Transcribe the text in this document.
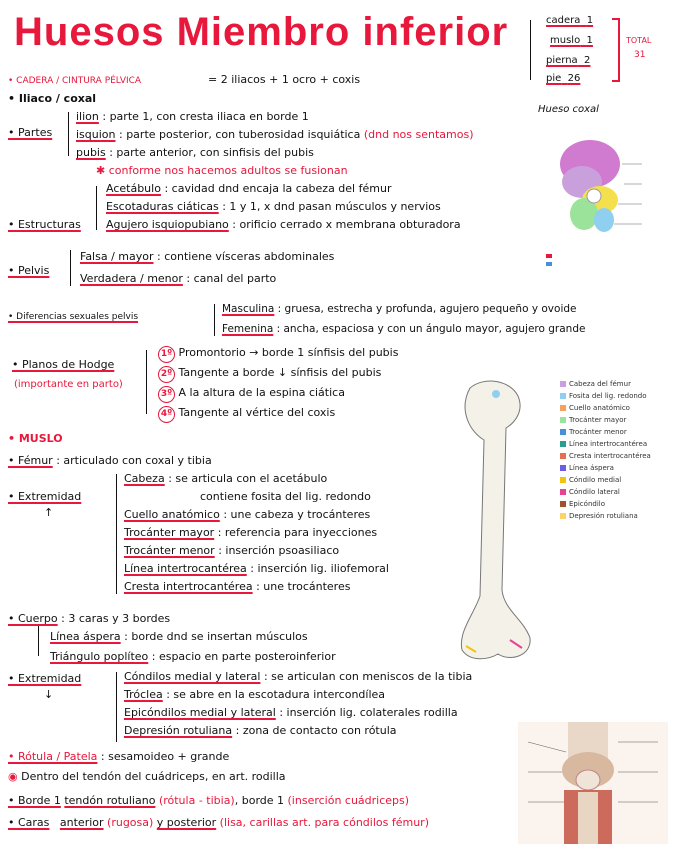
Huesos Miembro inferior	cadera 1
muslo 1
pierna 2
pie 26
TOTAL
31
• CADERA / CINTURA PÉLVICA	= 2 iliacos + 1 ocro + coxis
• Iliaco / coxal
• Partes
ilion : parte 1, con cresta iliaca en borde 1
isquion : parte posterior, con tuberosidad isquiática (dnd nos sentamos)
pubis : parte anterior, con sinfisis del pubis
✱ conforme nos hacemos adultos se fusionan
• Estructuras
Acetábulo : cavidad dnd encaja la cabeza del fémur
Escotaduras ciáticas : 1 y 1, x dnd pasan músculos y nervios
Agujero isquiopubiano : orificio cerrado x membrana obturadora
• Pelvis
Falsa / mayor : contiene vísceras abdominales
Verdadera / menor : canal del parto
• Diferencias sexuales pelvis
Masculina : gruesa, estrecha y profunda, agujero pequeño y ovoide
Femenina : ancha, espaciosa y con un ángulo mayor, agujero grande
• Planos de Hodge
(importante en parto)
1º Promontorio → borde 1 sínfisis del pubis
2º Tangente a borde ↓ sínfisis del pubis
3º A la altura de la espina ciática
4º Tangente al vértice del coxis
• MUSLO
• Fémur : articulado con coxal y tibia
• Extremidad
↑
Cabeza : se articula con el acetábulo
contiene fosita del lig. redondo
Cuello anatómico : une cabeza y trocánteres
Trocánter mayor : referencia para inyecciones
Trocánter menor : inserción psoasiliaco
Línea intertrocantérea : inserción lig. iliofemoral
Cresta intertrocantérea : une trocánteres
• Cuerpo : 3 caras y 3 bordes
Línea áspera : borde dnd se insertan músculos
Triángulo poplíteo : espacio en parte posteroinferior
• Extremidad
↓
Cóndilos medial y lateral : se articulan con meniscos de la tibia
Tróclea : se abre en la escotadura intercondílea
Epicóndilos medial y lateral : inserción lig. colaterales rodilla
Depresión rotuliana : zona de contacto con rótula
• Rótula / Patela : sesamoideo + grande
◉ Dentro del tendón del cuádriceps, en art. rodilla
• Borde 1 tendón rotuliano (rótula - tibia), borde 1 (inserción cuádriceps)
• Caras anterior (rugosa) y posterior (lisa, carillas art. para cóndilos fémur)
Hueso coxal
Cabeza del fémur
Fosita del lig. redondo
Cuello anatómico
Trocánter mayor
Trocánter menor
Línea intertrocantérea
Cresta intertrocantérea
Línea áspera
Cóndilo medial
Cóndilo lateral
Epicóndilo
Depresión rotuliana
